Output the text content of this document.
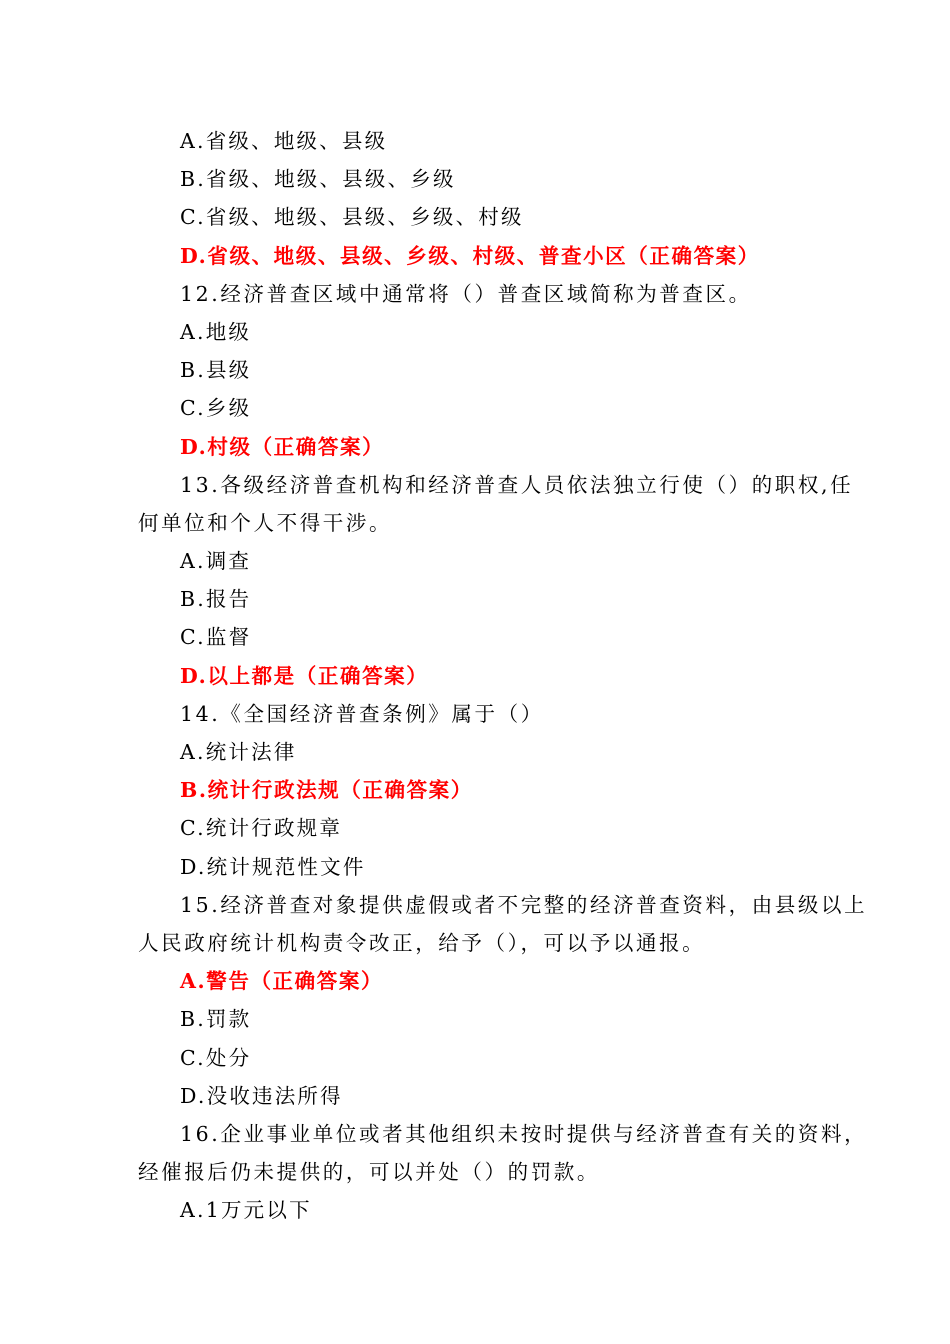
A.省级、地级、县级
B.省级、地级、县级、乡级
C.省级、地级、县级、乡级、村级
D.省级、地级、县级、乡级、村级、普查小区（正确答案）
12.经济普查区域中通常将（）普查区域简称为普查区。
A.地级
B.县级
C.乡级
D.村级（正确答案）
13.各级经济普查机构和经济普查人员依法独立行使（）的职权,任
何单位和个人不得干涉。
A.调查
B.报告
C.监督
D.以上都是（正确答案）
14.《全国经济普查条例》属于（）
A.统计法律
B.统计行政法规（正确答案）
C.统计行政规章
D.统计规范性文件
15.经济普查对象提供虚假或者不完整的经济普查资料，由县级以上
人民政府统计机构责令改正，给予（），可以予以通报。
A.警告（正确答案）
B.罚款
C.处分
D.没收违法所得
16.企业事业单位或者其他组织未按时提供与经济普查有关的资料，
经催报后仍未提供的，可以并处（）的罚款。
A.1万元以下
